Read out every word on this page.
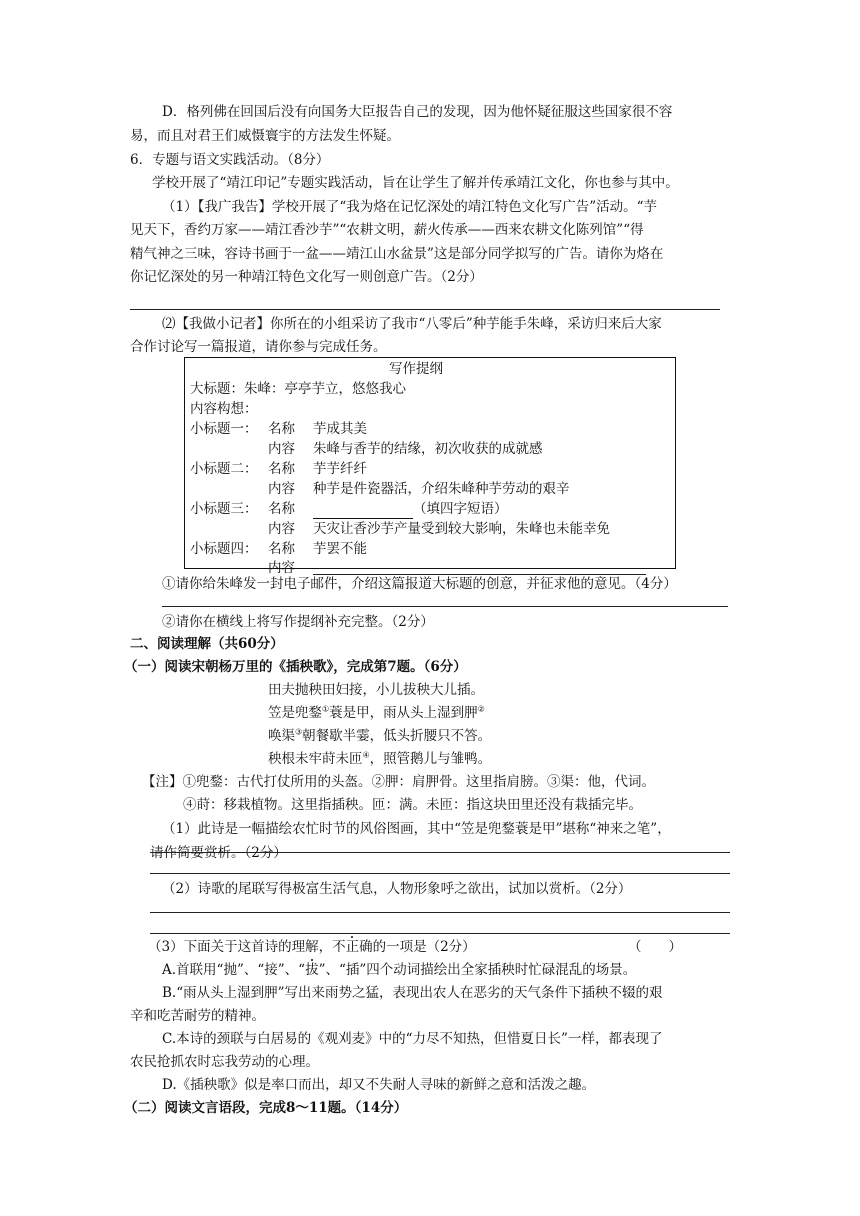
D．格列佛在回国后没有向国务大臣报告自己的发现，因为他怀疑征服这些国家很不容
易，而且对君王们威慑寰宇的方法发生怀疑。
6．专题与语文实践活动。（8分）
学校开展了“靖江印记”专题实践活动，旨在让学生了解并传承靖江文化，你也参与其中。
（1）【我广我告】学校开展了“我为烙在记忆深处的靖江特色文化写广告”活动。“芋
见天下，香约万家——靖江香沙芋”“农耕文明，薪火传承——西来农耕文化陈列馆”“得
精气神之三味，容诗书画于一盆——靖江山水盆景”这是部分同学拟写的广告。请你为烙在
你记忆深处的另一种靖江特色文化写一则创意广告。（2分）
⑵【我做小记者】你所在的小组采访了我市“八零后”种芋能手朱峰，采访归来后大家
合作讨论写一篇报道，请你参与完成任务。
写作提纲
大标题：朱峰：亭亭芋立，悠悠我心
内容构想：
小标题一： 名称 芋成其美
内容 朱峰与香芋的结缘，初次收获的成就感
小标题二： 名称 芋芋纤纤
内容 种芋是件瓷器活，介绍朱峰种芋劳动的艰辛
小标题三： 名称	（填四字短语）
内容 天灾让香沙芋产量受到较大影响，朱峰也未能幸免
小标题四： 名称 芋罢不能
内容
①请你给朱峰发一封电子邮件，介绍这篇报道大标题的创意，并征求他的意见。（4分）
②请你在横线上将写作提纲补充完整。（2分）
二、阅读理解（共60分）
（一）阅读宋朝杨万里的《插秧歌》，完成第7题。（6分）
田夫抛秧田妇接，小儿拔秧大儿插。
笠是兜鍪①蓑是甲，雨从头上湿到胛②
唤渠③朝餐歇半霎，低头折腰只不答。
秧根未牢莳未匝④，照管鹅儿与雏鸭。
【注】①兜鍪：古代打仗所用的头盔。②胛：肩胛骨。这里指肩膀。③渠：他，代词。
④莳：移栽植物。这里指插秧。匝：满。未匝：指这块田里还没有栽插完毕。
（1）此诗是一幅描绘农忙时节的风俗图画，其中“笠是兜鍪蓑是甲”堪称“神来之笔”，
请作简要赏析。（2分）
（2）诗歌的尾联写得极富生活气息，人物形象呼之欲出，试加以赏析。（2分）
（3）下面关于这首诗的理解，不正确的一项是（2分）	（　　）
A.首联用“抛”、“接”、“拔”、“插”四个动词描绘出全家插秧时忙碌混乱的场景。
B.“雨从头上湿到胛”写出来雨势之猛，表现出农人在恶劣的天气条件下插秧不辍的艰
辛和吃苦耐劳的精神。
C.本诗的颈联与白居易的《观刈麦》中的“力尽不知热，但惜夏日长”一样，都表现了
农民抢抓农时忘我劳动的心理。
D.《插秧歌》似是率口而出，却又不失耐人寻味的新鲜之意和活泼之趣。
（二）阅读文言语段，完成8～11题。（14分）
